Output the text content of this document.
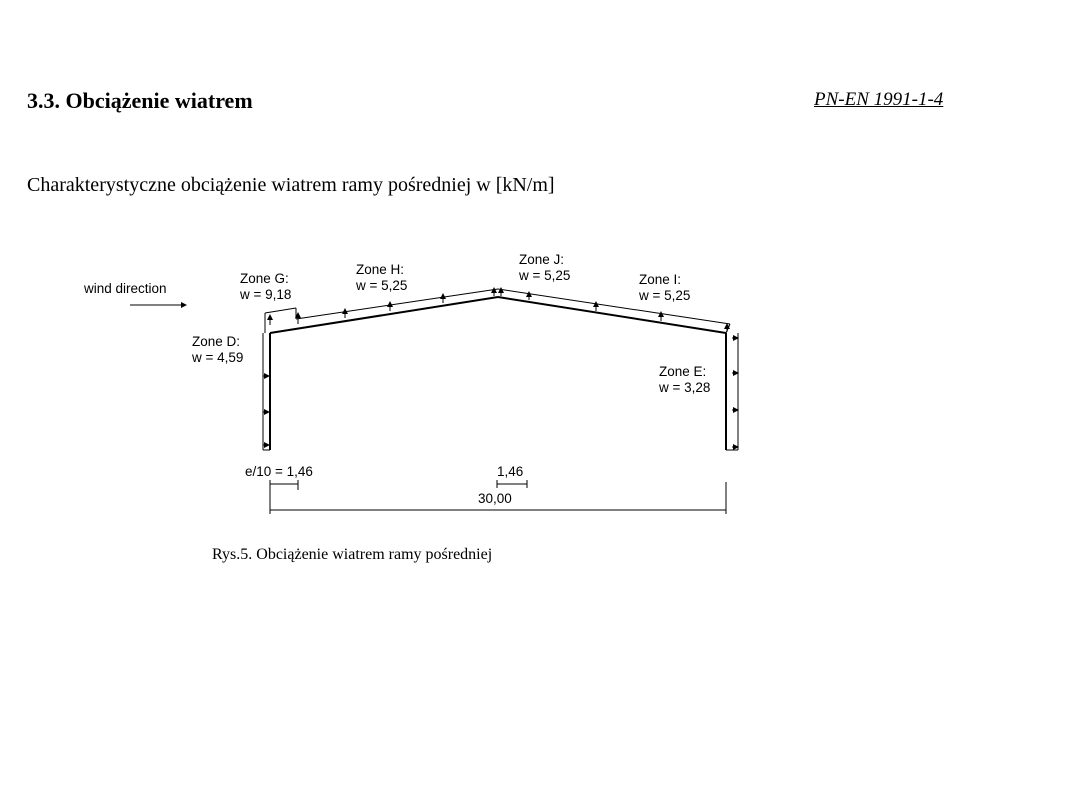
3.3. Obciążenie wiatrem	PN-EN 1991-1-4
Charakterystyczne obciążenie wiatrem ramy pośredniej w [kN/m]
wind direction
Zone G:
w = 9,18
Zone H:
w = 5,25
Zone J:
w = 5,25	Zone I:
w = 5,25
Zone D:
w = 4,59
Zone E:
w = 3,28
e/10 = 1,46	1,46
30,00
Rys.5. Obciążenie wiatrem ramy pośredniej
